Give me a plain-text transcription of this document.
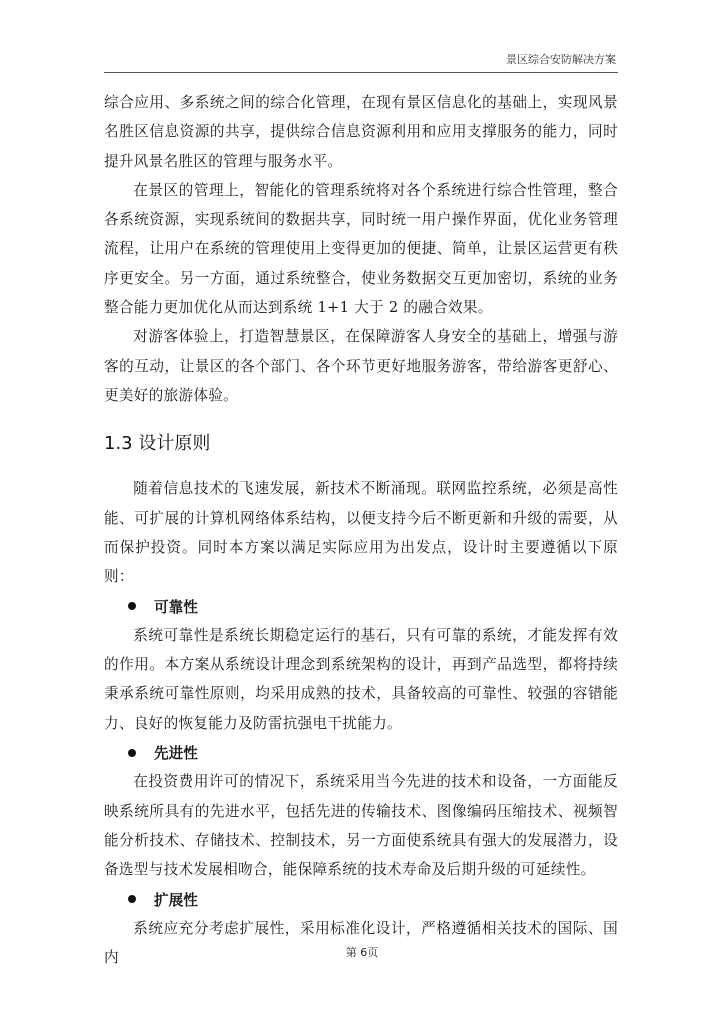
景区综合安防解决方案

综合应用、多系统之间的综合化管理，在现有景区信息化的基础上，实现风景名胜区信息资源的共享，提供综合信息资源利用和应用支撑服务的能力，同时提升风景名胜区的管理与服务水平。

在景区的管理上，智能化的管理系统将对各个系统进行综合性管理，整合各系统资源，实现系统间的数据共享，同时统一用户操作界面，优化业务管理流程，让用户在系统的管理使用上变得更加的便捷、简单，让景区运营更有秩序更安全。另一方面，通过系统整合，使业务数据交互更加密切，系统的业务整合能力更加优化从而达到系统 1+1 大于 2 的融合效果。

对游客体验上，打造智慧景区，在保障游客人身安全的基础上，增强与游客的互动，让景区的各个部门、各个环节更好地服务游客，带给游客更舒心、更美好的旅游体验。

1.3 设计原则

随着信息技术的飞速发展，新技术不断涌现。联网监控系统，必须是高性能、可扩展的计算机网络体系结构，以便支持今后不断更新和升级的需要，从而保护投资。同时本方案以满足实际应用为出发点，设计时主要遵循以下原则：

可靠性

系统可靠性是系统长期稳定运行的基石，只有可靠的系统，才能发挥有效的作用。本方案从系统设计理念到系统架构的设计，再到产品选型，都将持续秉承系统可靠性原则，均采用成熟的技术，具备较高的可靠性、较强的容错能力、良好的恢复能力及防雷抗强电干扰能力。

先进性

在投资费用许可的情况下，系统采用当今先进的技术和设备，一方面能反映系统所具有的先进水平，包括先进的传输技术、图像编码压缩技术、视频智能分析技术、存储技术、控制技术，另一方面使系统具有强大的发展潜力，设备选型与技术发展相吻合，能保障系统的技术寿命及后期升级的可延续性。

扩展性

系统应充分考虑扩展性，采用标准化设计，严格遵循相关技术的国际、国内	第 6页
